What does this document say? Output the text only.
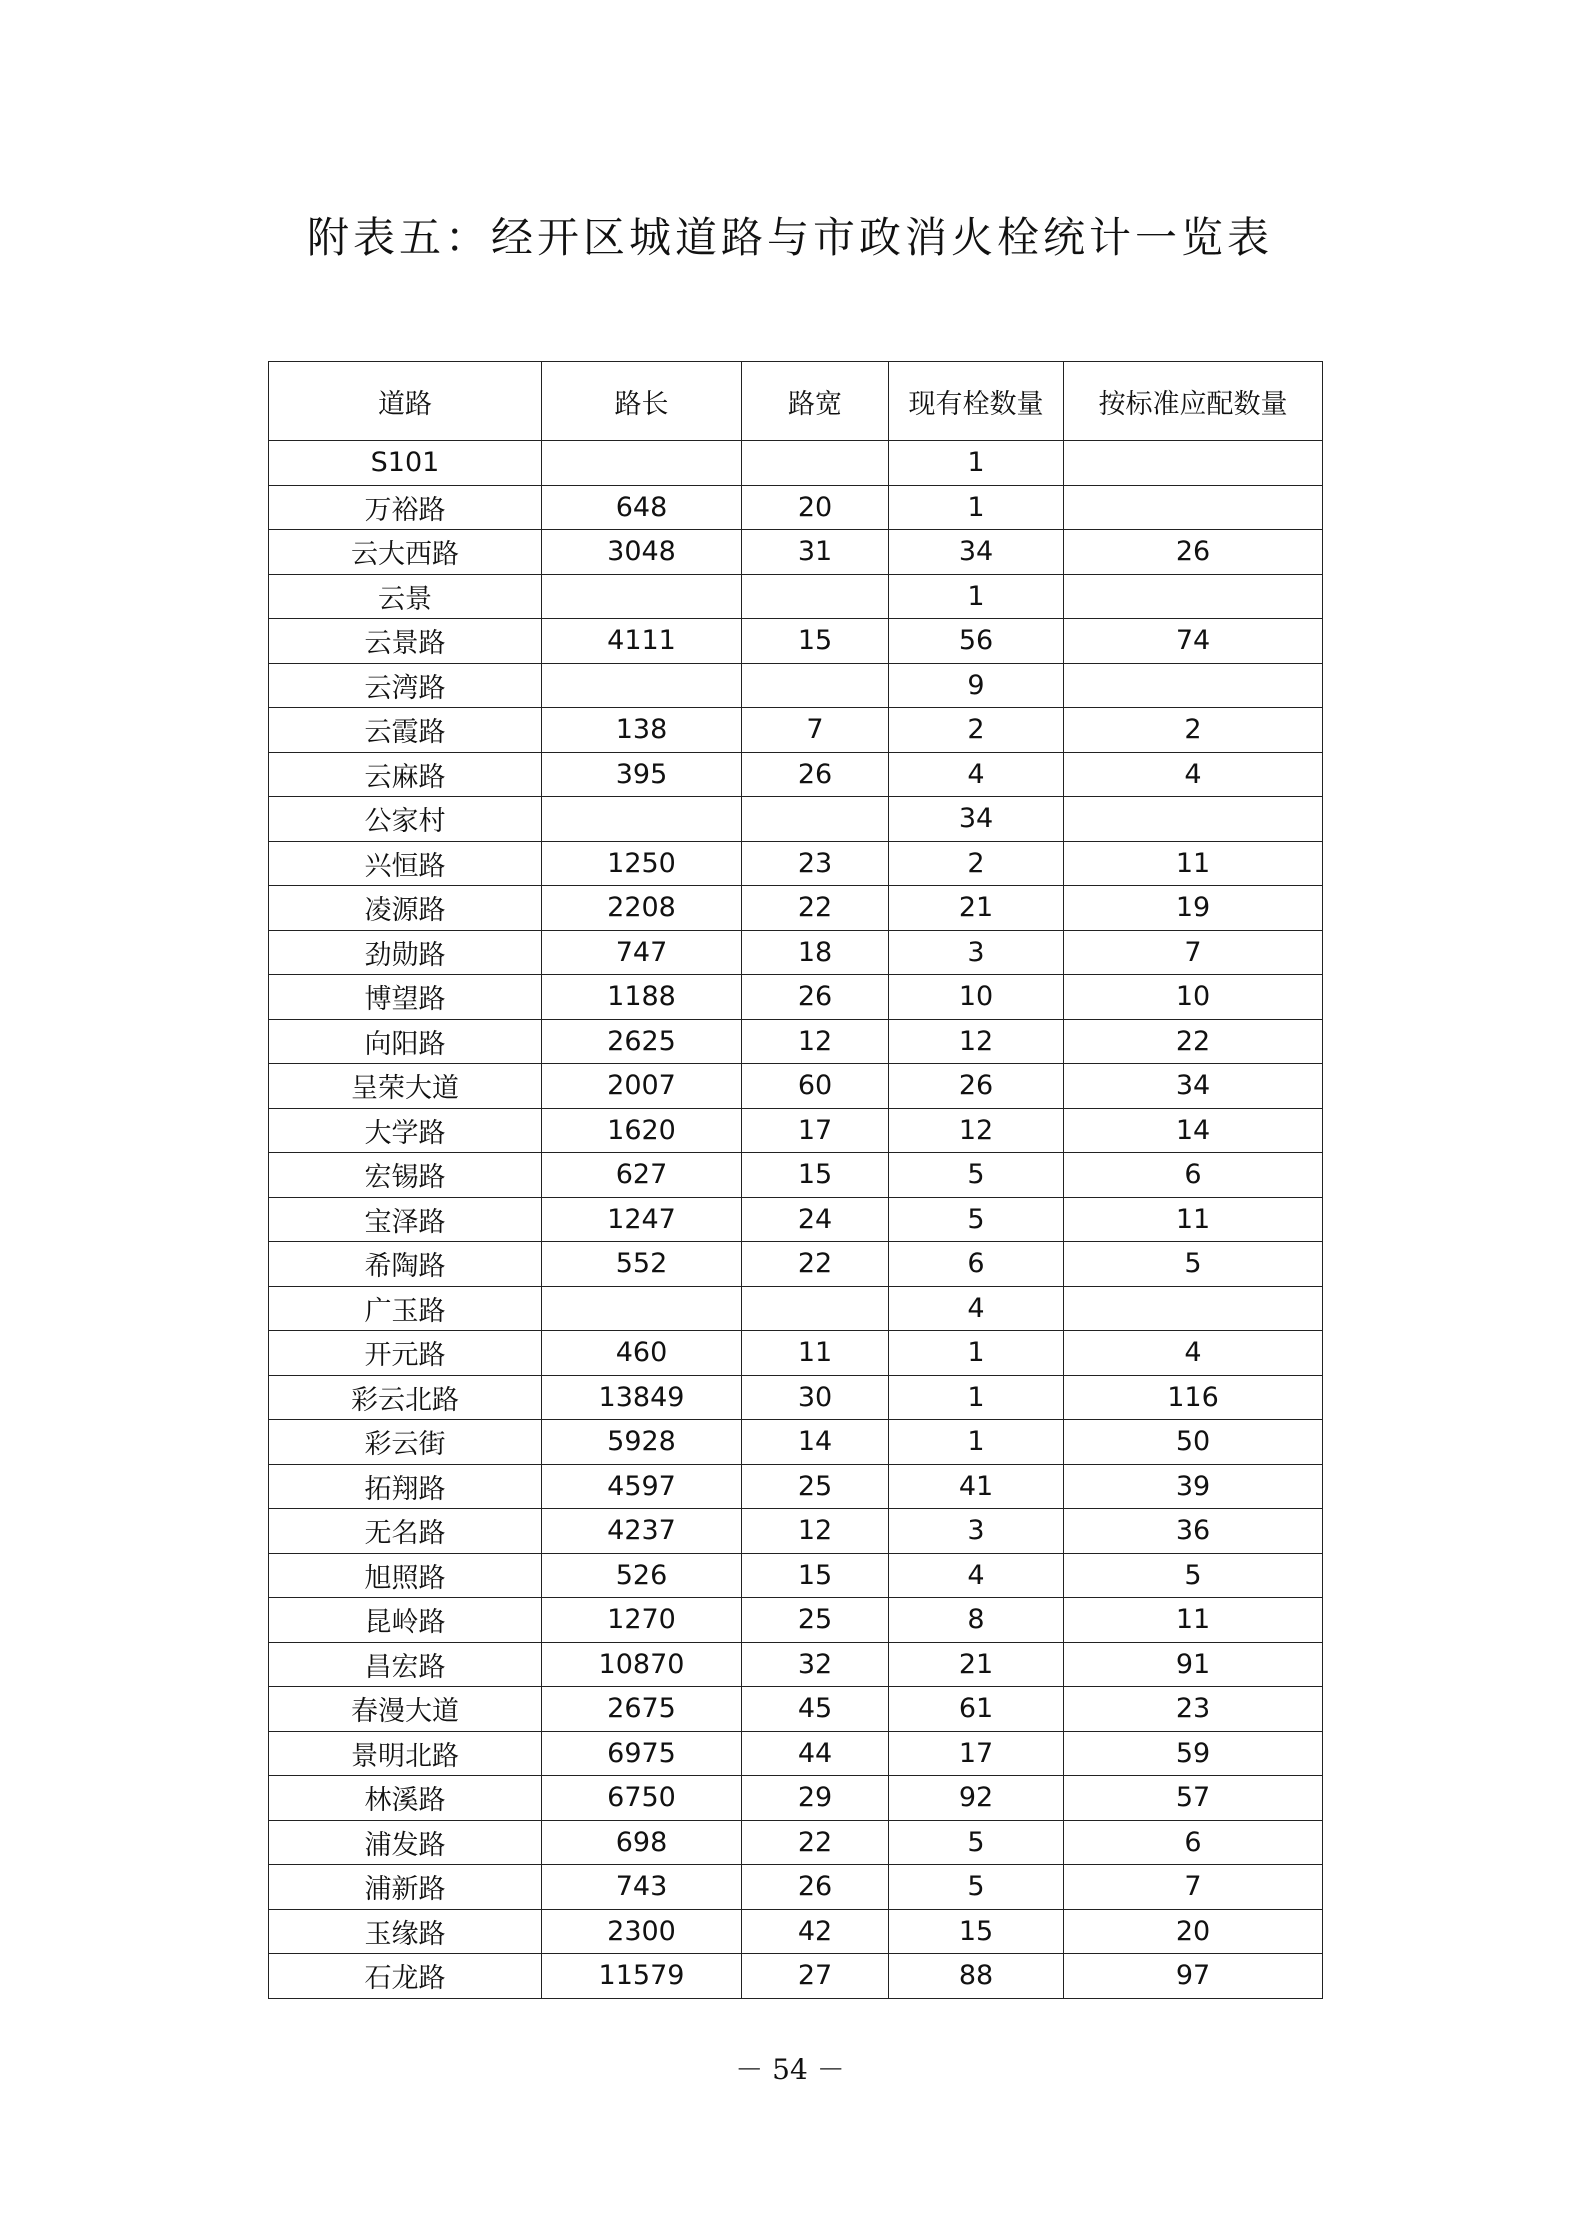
附表五：经开区城道路与市政消火栓统计一览表
道路	路长	路宽	现有栓数量	按标准应配数量
S101			1	
万裕路	648	20	1	
云大西路	3048	31	34	26
云景			1	
云景路	4111	15	56	74
云湾路			9	
云霞路	138	7	2	2
云麻路	395	26	4	4
公家村			34	
兴恒路	1250	23	2	11
凌源路	2208	22	21	19
劲勋路	747	18	3	7
博望路	1188	26	10	10
向阳路	2625	12	12	22
呈荣大道	2007	60	26	34
大学路	1620	17	12	14
宏锡路	627	15	5	6
宝泽路	1247	24	5	11
希陶路	552	22	6	5
广玉路			4	
开元路	460	11	1	4
彩云北路	13849	30	1	116
彩云街	5928	14	1	50
拓翔路	4597	25	41	39
无名路	4237	12	3	36
旭照路	526	15	4	5
昆岭路	1270	25	8	11
昌宏路	10870	32	21	91
春漫大道	2675	45	61	23
景明北路	6975	44	17	59
林溪路	6750	29	92	57
浦发路	698	22	5	6
浦新路	743	26	5	7
玉缘路	2300	42	15	20
石龙路	11579	27	88	97
－ 54 －
